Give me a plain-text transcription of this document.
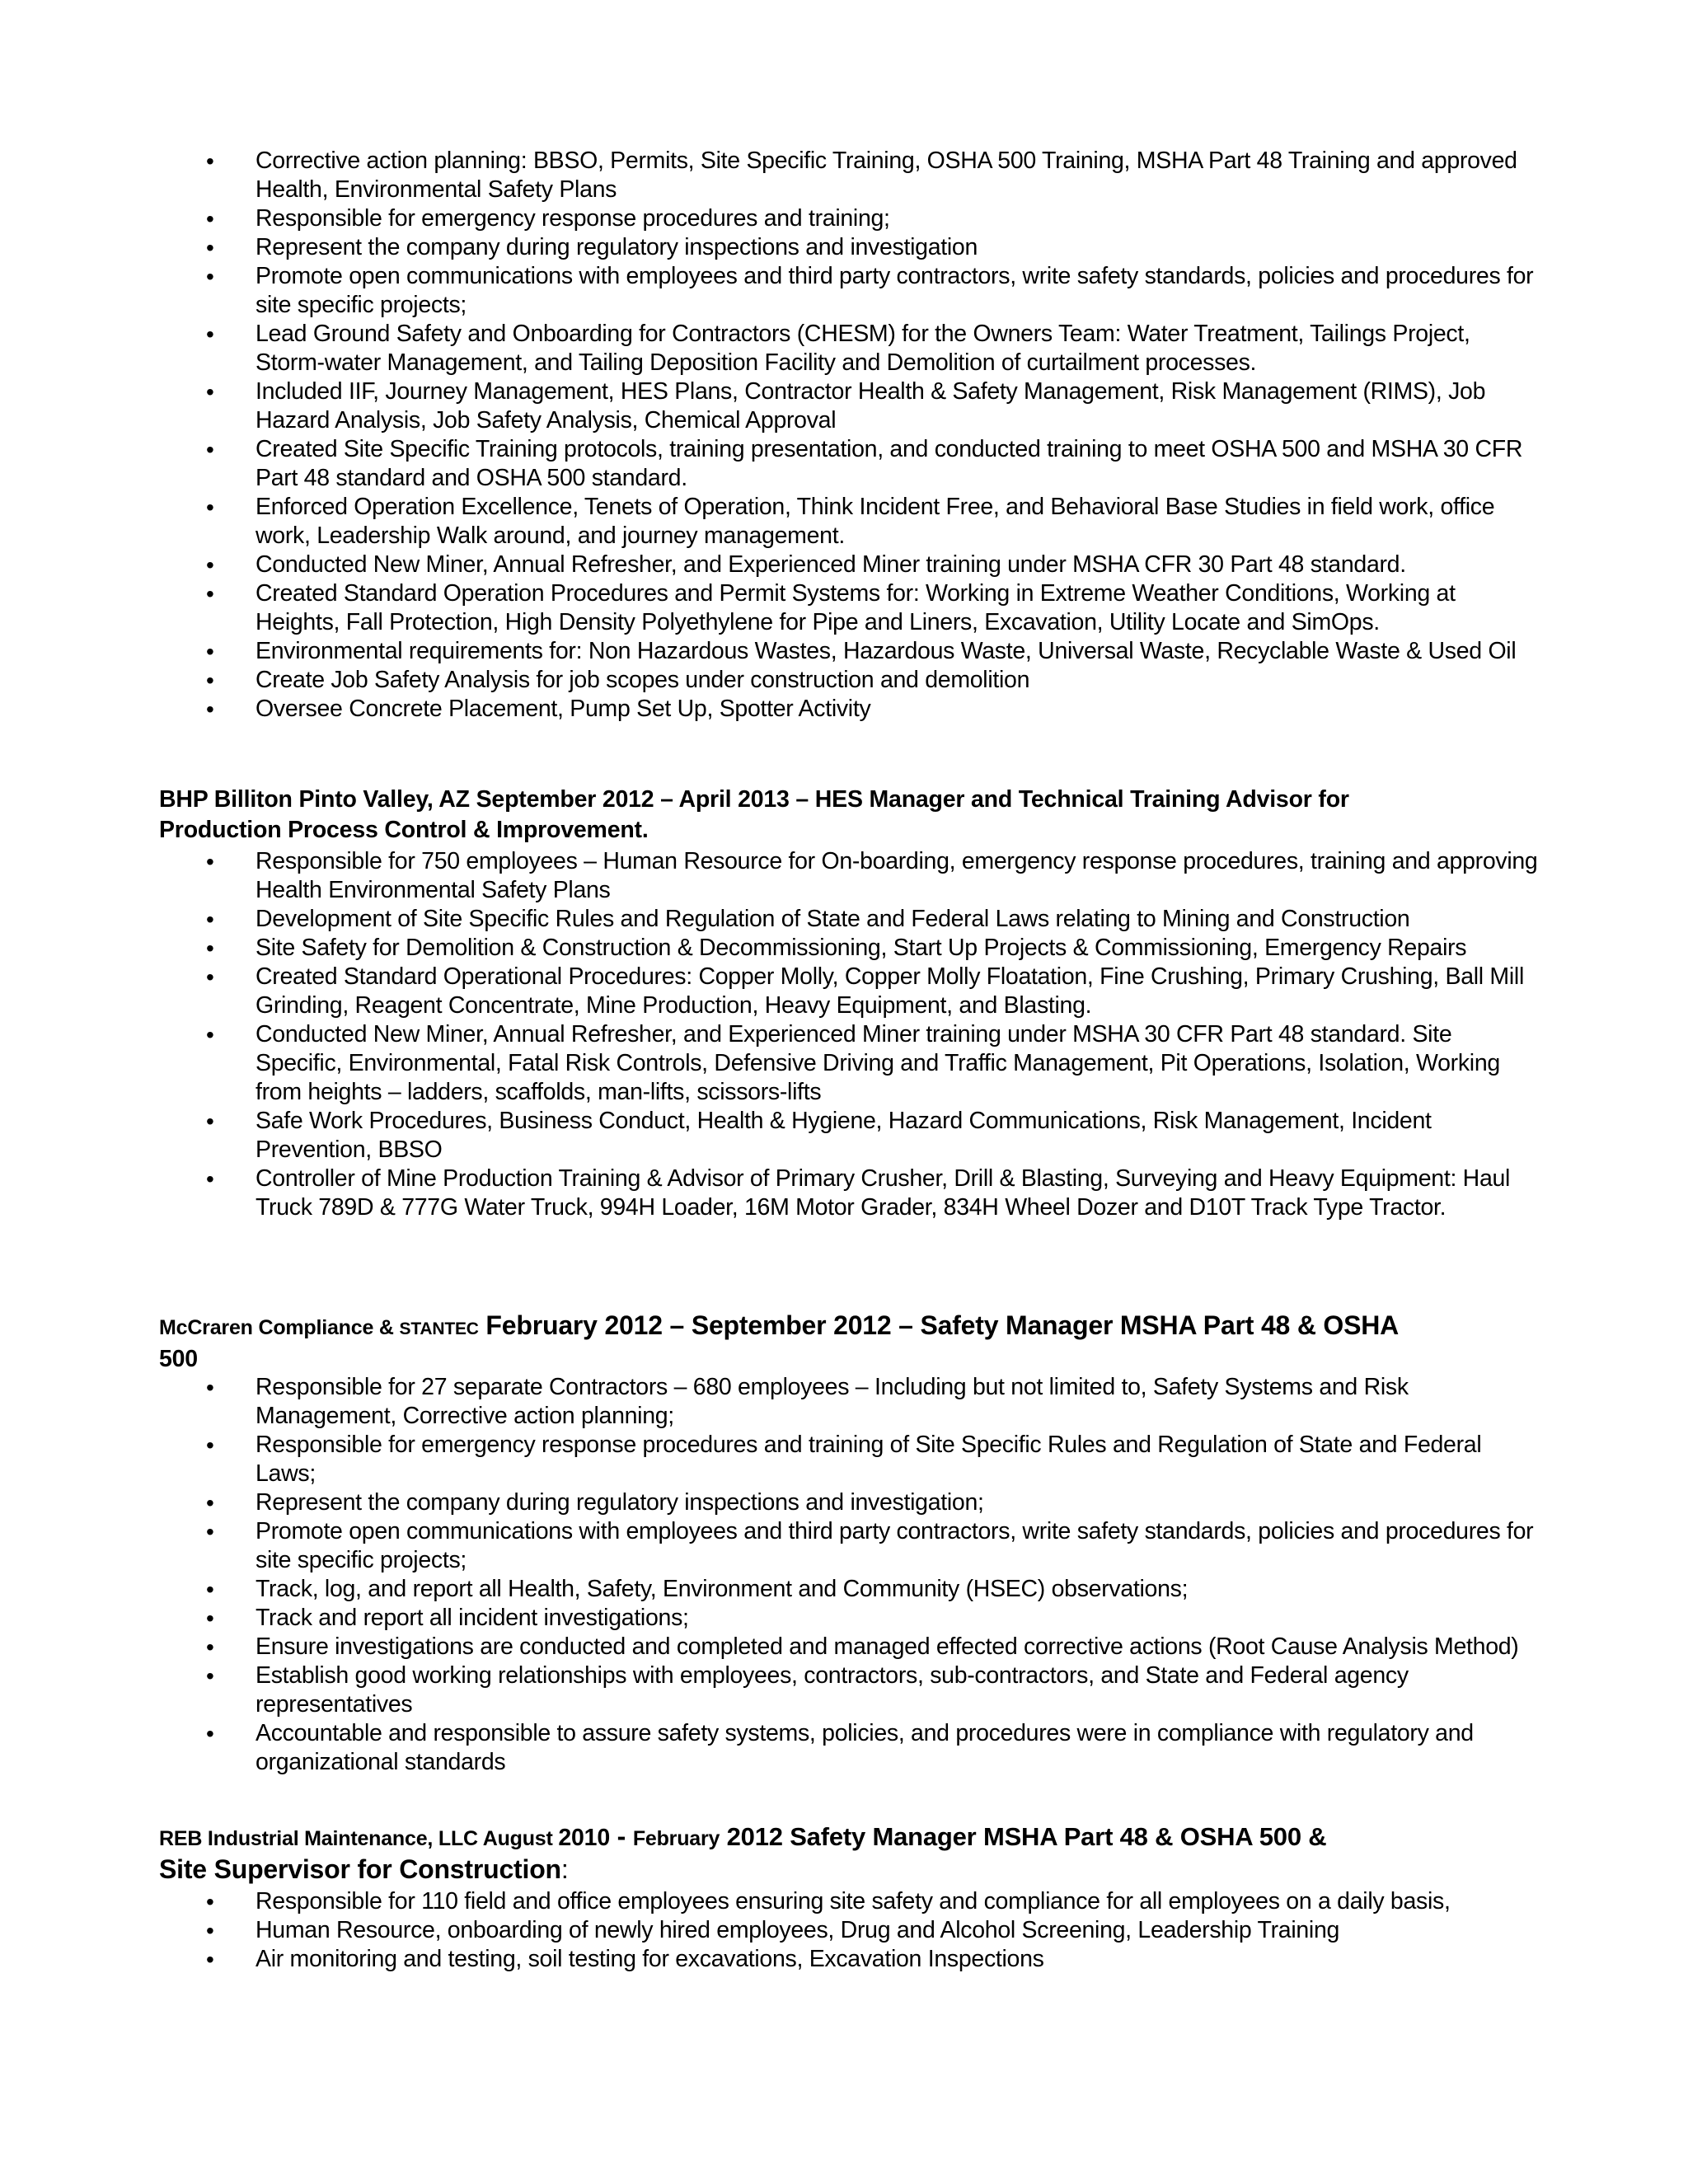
• Corrective action planning: BBSO, Permits, Site Specific Training, OSHA 500 Training, MSHA Part 48 Training and approved Health, Environmental Safety Plans
• Responsible for emergency response procedures and training;
• Represent the company during regulatory inspections and investigation
• Promote open communications with employees and third party contractors, write safety standards, policies and procedures for site specific projects;
• Lead Ground Safety and Onboarding for Contractors (CHESM) for the Owners Team: Water Treatment, Tailings Project, Storm-water Management, and Tailing Deposition Facility and Demolition of curtailment processes.
• Included IIF, Journey Management, HES Plans, Contractor Health & Safety Management, Risk Management (RIMS), Job Hazard Analysis, Job Safety Analysis, Chemical Approval
• Created Site Specific Training protocols, training presentation, and conducted training to meet OSHA 500 and MSHA 30 CFR Part 48 standard and OSHA 500 standard.
• Enforced Operation Excellence, Tenets of Operation, Think Incident Free, and Behavioral Base Studies in field work, office work, Leadership Walk around, and journey management.
• Conducted New Miner, Annual Refresher, and Experienced Miner training under MSHA CFR 30 Part 48 standard.
• Created Standard Operation Procedures and Permit Systems for: Working in Extreme Weather Conditions, Working at Heights, Fall Protection, High Density Polyethylene for Pipe and Liners, Excavation, Utility Locate and SimOps.
• Environmental requirements for: Non Hazardous Wastes, Hazardous Waste, Universal Waste, Recyclable Waste & Used Oil
• Create Job Safety Analysis for job scopes under construction and demolition
• Oversee Concrete Placement, Pump Set Up, Spotter Activity
BHP Billiton Pinto Valley, AZ September 2012 – April 2013 – HES Manager and Technical Training Advisor for
Production Process Control & Improvement.
• Responsible for 750 employees – Human Resource for On-boarding, emergency response procedures, training and approving Health Environmental Safety Plans
• Development of Site Specific Rules and Regulation of State and Federal Laws relating to Mining and Construction
• Site Safety for Demolition & Construction & Decommissioning, Start Up Projects & Commissioning, Emergency Repairs
• Created Standard Operational Procedures: Copper Molly, Copper Molly Floatation, Fine Crushing, Primary Crushing, Ball Mill Grinding, Reagent Concentrate, Mine Production, Heavy Equipment, and Blasting.
• Conducted New Miner, Annual Refresher, and Experienced Miner training under MSHA 30 CFR Part 48 standard. Site Specific, Environmental, Fatal Risk Controls, Defensive Driving and Traffic Management, Pit Operations, Isolation, Working from heights – ladders, scaffolds, man-lifts, scissors-lifts
• Safe Work Procedures, Business Conduct, Health & Hygiene, Hazard Communications, Risk Management, Incident Prevention, BBSO
• Controller of Mine Production Training & Advisor of Primary Crusher, Drill & Blasting, Surveying and Heavy Equipment: Haul Truck 789D & 777G Water Truck, 994H Loader, 16M Motor Grader, 834H Wheel Dozer and D10T Track Type Tractor.
McCraren Compliance & STANTEC February 2012 – September 2012 – Safety Manager MSHA Part 48 & OSHA
500
• Responsible for 27 separate Contractors – 680 employees – Including but not limited to, Safety Systems and Risk Management, Corrective action planning;
• Responsible for emergency response procedures and training of Site Specific Rules and Regulation of State and Federal Laws;
• Represent the company during regulatory inspections and investigation;
• Promote open communications with employees and third party contractors, write safety standards, policies and procedures for site specific projects;
• Track, log, and report all Health, Safety, Environment and Community (HSEC) observations;
• Track and report all incident investigations;
• Ensure investigations are conducted and completed and managed effected corrective actions (Root Cause Analysis Method)
• Establish good working relationships with employees, contractors, sub-contractors, and State and Federal agency representatives
• Accountable and responsible to assure safety systems, policies, and procedures were in compliance with regulatory and organizational standards
REB Industrial Maintenance, LLC August 2010 - February 2012 Safety Manager MSHA Part 48 & OSHA 500 &
Site Supervisor for Construction:
• Responsible for 110 field and office employees ensuring site safety and compliance for all employees on a daily basis,
• Human Resource, onboarding of newly hired employees, Drug and Alcohol Screening, Leadership Training
• Air monitoring and testing, soil testing for excavations, Excavation Inspections
